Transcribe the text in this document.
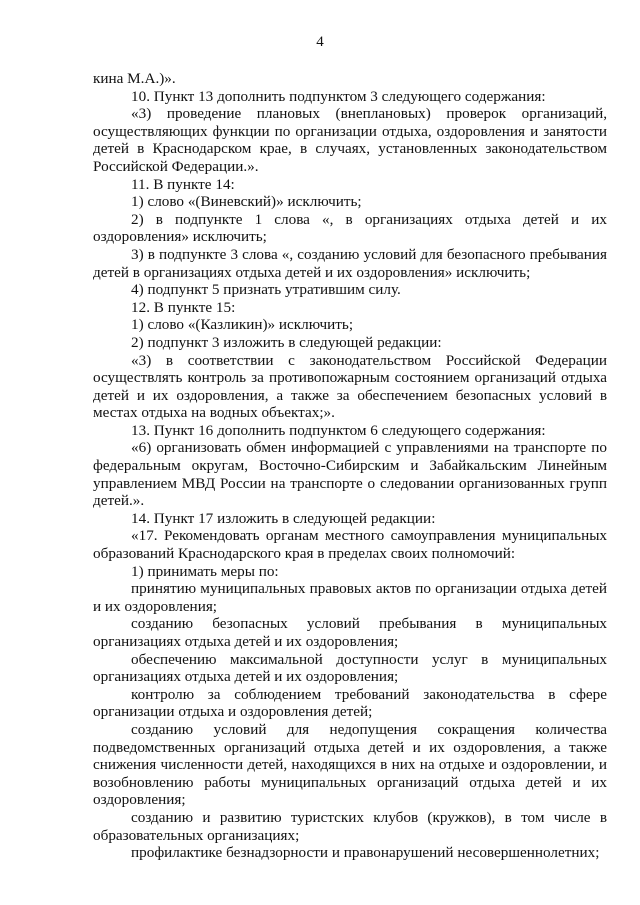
4

кина М.А.)».

10. Пункт 13 дополнить подпунктом 3 следующего содержания:

«3) проведение плановых (внеплановых) проверок организаций, осуществляющих функции по организации отдыха, оздоровления и занятости детей в Краснодарском крае, в случаях, установленных законодательством Российской Федерации.».

11. В пункте 14:

1) слово «(Виневский)» исключить;

2) в подпункте 1 слова «, в организациях отдыха детей и их оздоровления» исключить;

3) в подпункте 3 слова «, созданию условий для безопасного пребывания детей в организациях отдыха детей и их оздоровления» исключить;

4) подпункт 5 признать утратившим силу.

12. В пункте 15:

1) слово «(Казликин)» исключить;

2) подпункт 3 изложить в следующей редакции:

«3) в соответствии с законодательством Российской Федерации осуществлять контроль за противопожарным состоянием организаций отдыха детей и их оздоровления, а также за обеспечением безопасных условий в местах отдыха на водных объектах;».

13. Пункт 16 дополнить подпунктом 6 следующего содержания:

«6) организовать обмен информацией с управлениями на транспорте по федеральным округам, Восточно-Сибирским и Забайкальским Линейным управлением МВД России на транспорте о следовании организованных групп детей.».

14. Пункт 17 изложить в следующей редакции:

«17. Рекомендовать органам местного самоуправления муниципальных образований Краснодарского края в пределах своих полномочий:

1) принимать меры по:

принятию муниципальных правовых актов по организации отдыха детей и их оздоровления;

созданию безопасных условий пребывания в муниципальных организациях отдыха детей и их оздоровления;

обеспечению максимальной доступности услуг в муниципальных организациях отдыха детей и их оздоровления;

контролю за соблюдением требований законодательства в сфере организации отдыха и оздоровления детей;

созданию условий для недопущения сокращения количества подведомственных организаций отдыха детей и их оздоровления, а также снижения численности детей, находящихся в них на отдыхе и оздоровлении, и возобновлению работы муниципальных организаций отдыха детей и их оздоровления;

созданию и развитию туристских клубов (кружков), в том числе в образовательных организациях;

профилактике безнадзорности и правонарушений несовершеннолетних;
